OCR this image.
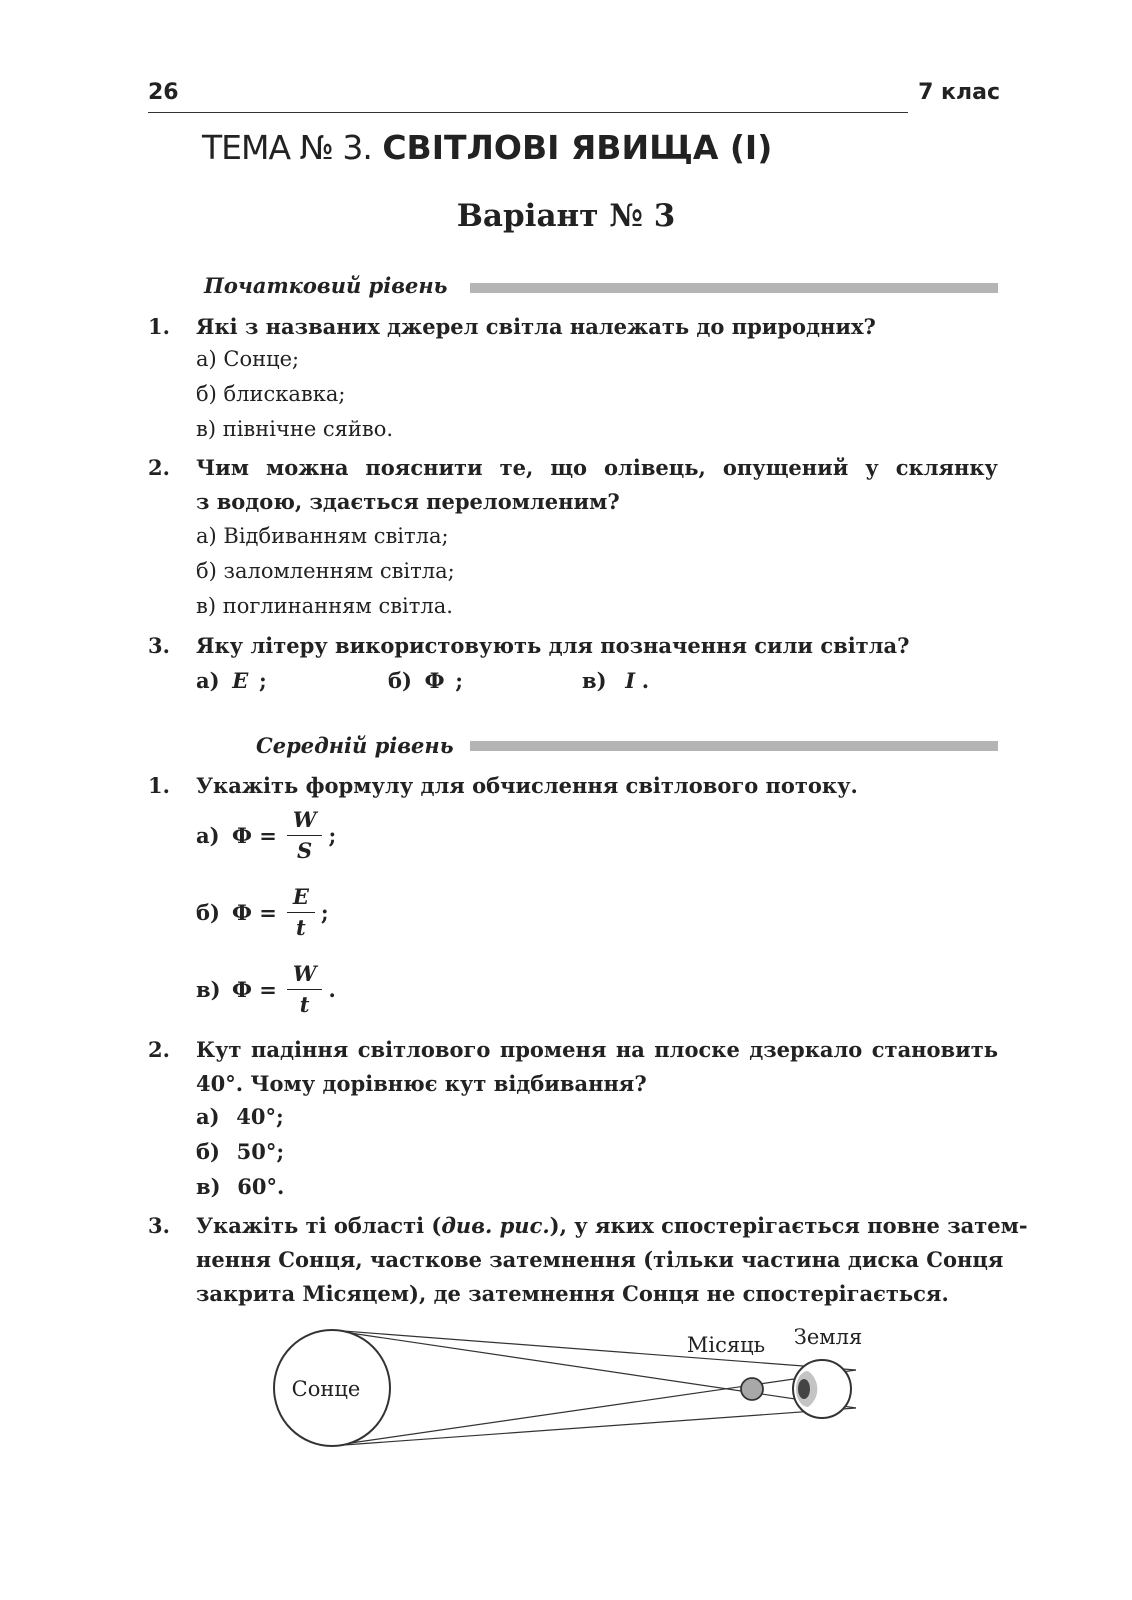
26	7 клас
ТЕМА № 3. СВІТЛОВІ ЯВИЩА (І)
Варіант № 3
Початковий рівень
1. Які з названих джерел світла належать до природних?
а) Сонце;
б) блискавка;
в) північне сяйво.
2. Чим можна пояснити те, що олівець, опущений у склянку
з водою, здається переломленим?
а) Відбиванням світла;
б) заломленням світла;
в) поглинанням світла.
3. Яку літеру використовують для позначення сили світла?
а) E ;	б) Ф ;	в) I .
Середній рівень
1. Укажіть формулу для обчислення світлового потоку.
а) $Ф = \frac{W}{S}$ ;
б) $Ф = \frac{E}{t}$ ;
в) $Ф = \frac{W}{t}$ .
2. Кут падіння світлового променя на плоске дзеркало становить
40°. Чому дорівнює кут відбивання?
а) 40°;
б) 50°;
в) 60°.
3. Укажіть ті області (див. рис.), у яких спостерігається повне затем-
нення Сонця, часткове затемнення (тільки частина диска Сонця
закрита Місяцем), де затемнення Сонця не спостерігається.
Сонце
Місяць Земля
